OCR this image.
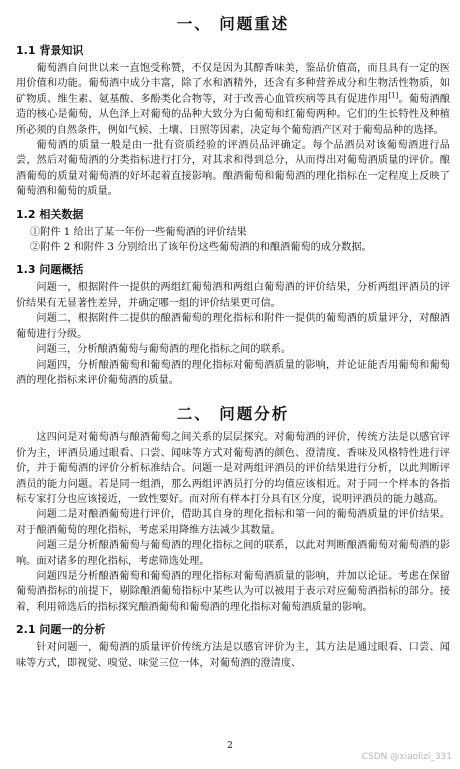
一、 问题重述
1.1 背景知识

葡萄酒自问世以来一直饱受称赞，不仅是因为其醇香味美，鉴品价值高，而且具有一定的医用价值和功能。葡萄酒中成分丰富，除了水和酒精外，还含有多种营养成分和生物活性物质，如矿物质、维生素、氨基酸、多酚类化合物等，对于改善心血管疾病等具有促进作用[1]。葡萄酒酿造的核心是葡萄，从色泽上对葡萄的品种大致分为白葡萄和红葡萄两种。它们的生长特性及种植所必须的自然条件，例如气候、土壤、日照等因素，决定每个葡萄酒产区对于葡萄品种的选择。

葡萄酒的质量一般是由一批有资质经验的评酒员品评确定。每个品酒员对该葡萄酒进行品尝，然后对葡萄酒的分类指标进行打分，对其求和得到总分，从而得出对葡萄酒质量的评价。酿酒葡萄的质量对葡萄酒的好坏起着直接影响。酿酒葡萄和葡萄酒的理化指标在一定程度上反映了葡萄酒和葡萄的质量。

1.2 相关数据

①附件 1 给出了某一年份一些葡萄酒的评价结果

②附件 2 和附件 3 分别给出了该年份这些葡萄酒的和酿酒葡萄的成分数据。

1.3 问题概括

问题一，根据附件一提供的两组红葡萄酒和两组白葡萄酒的评价结果，分析两组评酒员的评价结果有无显著性差异，并确定哪一组的评价结果更可信。

问题二，根据附件二提供的酿酒葡萄的理化指标和附件一提供的葡萄酒的质量评分，对酿酒葡萄进行分级。

问题三，分析酿酒葡萄与葡萄酒的理化指标之间的联系。

问题四，分析酿酒葡萄和葡萄酒的理化指标对葡萄酒质量的影响，并论证能否用葡萄和葡萄酒的理化指标来评价葡萄酒的质量。

二、 问题分析

这四问是对葡萄酒与酿酒葡萄之间关系的层层探究。对葡萄酒的评价，传统方法是以感官评价为主，评酒员通过眼看、口尝、闻味等方式对葡萄酒的颜色、澄清度、香味及风格特性进行评价，并于葡萄酒的评价分析标准结合。问题一是对两组评酒员的评价结果进行分析，以此判断评酒员的能力问题。若是同一组酒，那么两组评酒员打分的均值应该相近。对于同一个样本的各指标专家打分也应该接近，一致性要好。而对所有样本打分具有区分度，说明评酒员的能力越高。

问题二是对酿酒葡萄进行评价，借助其自身的理化指标和第一问的葡萄酒质量的评价结果。对于酿酒葡萄的理化指标，考虑采用降维方法减少其数量。

问题三是分析酿酒葡萄与葡萄酒的理化指标之间的联系，以此对判断酿酒葡萄对葡萄酒的影响。面对诸多的理化指标，考虑筛选处理。

问题四是分析酿酒葡萄和葡萄酒的理化指标对葡萄酒质量的影响，并加以论证。考虑在保留葡萄酒指标的前提下，剔除酿酒葡萄指标中某些认为可以被用于表示对应葡萄酒指标的部分。接着，利用筛选后的指标探究酿酒葡萄和葡萄酒的理化指标对葡萄酒质量的影响。

2.1 问题一的分析

针对问题一，葡萄酒的质量评价传统方法是以感官评价为主，其方法是通过眼看、口尝、闻味等方式，即视觉、嗅觉、味觉三位一体，对葡萄酒的澄清度、

2
CSDN @xiaolizi_331
